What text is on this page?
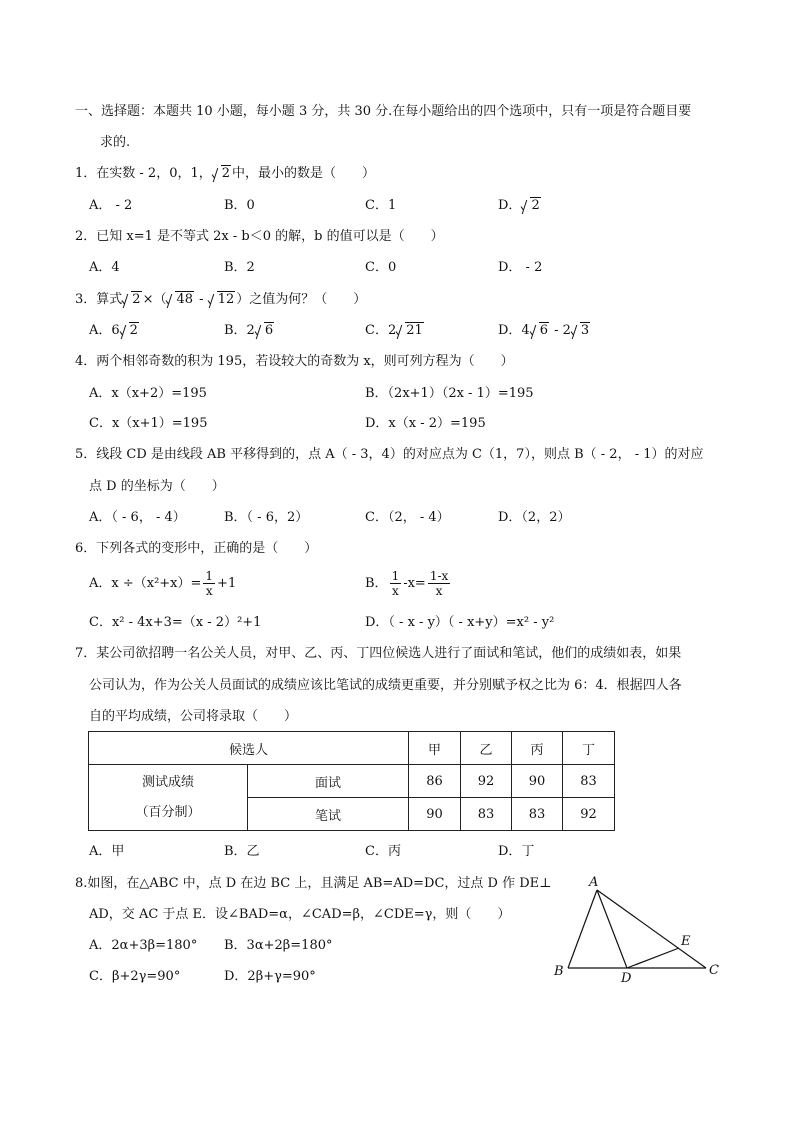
一、选择题：本题共 10 小题，每小题 3 分，共 30 分.在每小题给出的四个选项中，只有一项是符合题目要
求的.
1．在实数 - 2，0，1， 2 中，最小的数是（　　）
A． - 2	B．0	C．1	D． 2
2．已知 x=1 是不等式 2x - b＜0 的解，b 的值可以是（　　）
A．4	B．2	C．0	D． - 2
3．算式 2 ×（ 48 -
12 ）之值为何？（　　）
A．6 2	B．2 6	C．2 21	D．4 6 - 2 3
4．两个相邻奇数的积为 195，若设较大的奇数为 x，则可列方程为（　　）
A．x（x+2）=195	B．（2x+1）（2x - 1）=195
C．x（x+1）=195	D．x（x - 2）=195
5．线段 CD 是由线段 AB 平移得到的，点 A（ - 3，4）的对应点为 C（1，7），则点 B（ - 2， - 1）的对应
点 D 的坐标为（　　）
A．（ - 6， - 4）	B．（ - 6，2）	C．（2， - 4）	D．（2，2）
6．下列各式的变形中，正确的是（　　）
A．$x \div(x^2+x)= \frac{1}{x} +1$	B． $\frac{1}{x} -x= \frac{1-x}{x}$
C．x² - 4x+3=（x - 2）²+1	D．（ - x - y）（ - x+y）=x² - y²
7．某公司欲招聘一名公关人员，对甲、乙、丙、丁四位候选人进行了面试和笔试，他们的成绩如表，如果
公司认为，作为公关人员面试的成绩应该比笔试的成绩更重要，并分别赋予权之比为 6：4．根据四人各
自的平均成绩，公司将录取（　　）
候选人		甲	乙	丙	丁

测试成绩
（百分制）	面试	86	92	90	83
	笔试	90	83	83	92
A．甲	B．乙	C．丙	D．丁
8.如图，在△ABC 中，点 D 在边 BC 上，且满足 AB=AD=DC，过点 D 作 DE⊥
AD，交 AC 于点 E．设∠BAD=α，∠CAD=β，∠CDE=γ，则（　　）
A．2α+3β=180° B．3α+2β=180°
C．β+2γ=90°	D．2β+γ=90°
A
B	C
D
E
